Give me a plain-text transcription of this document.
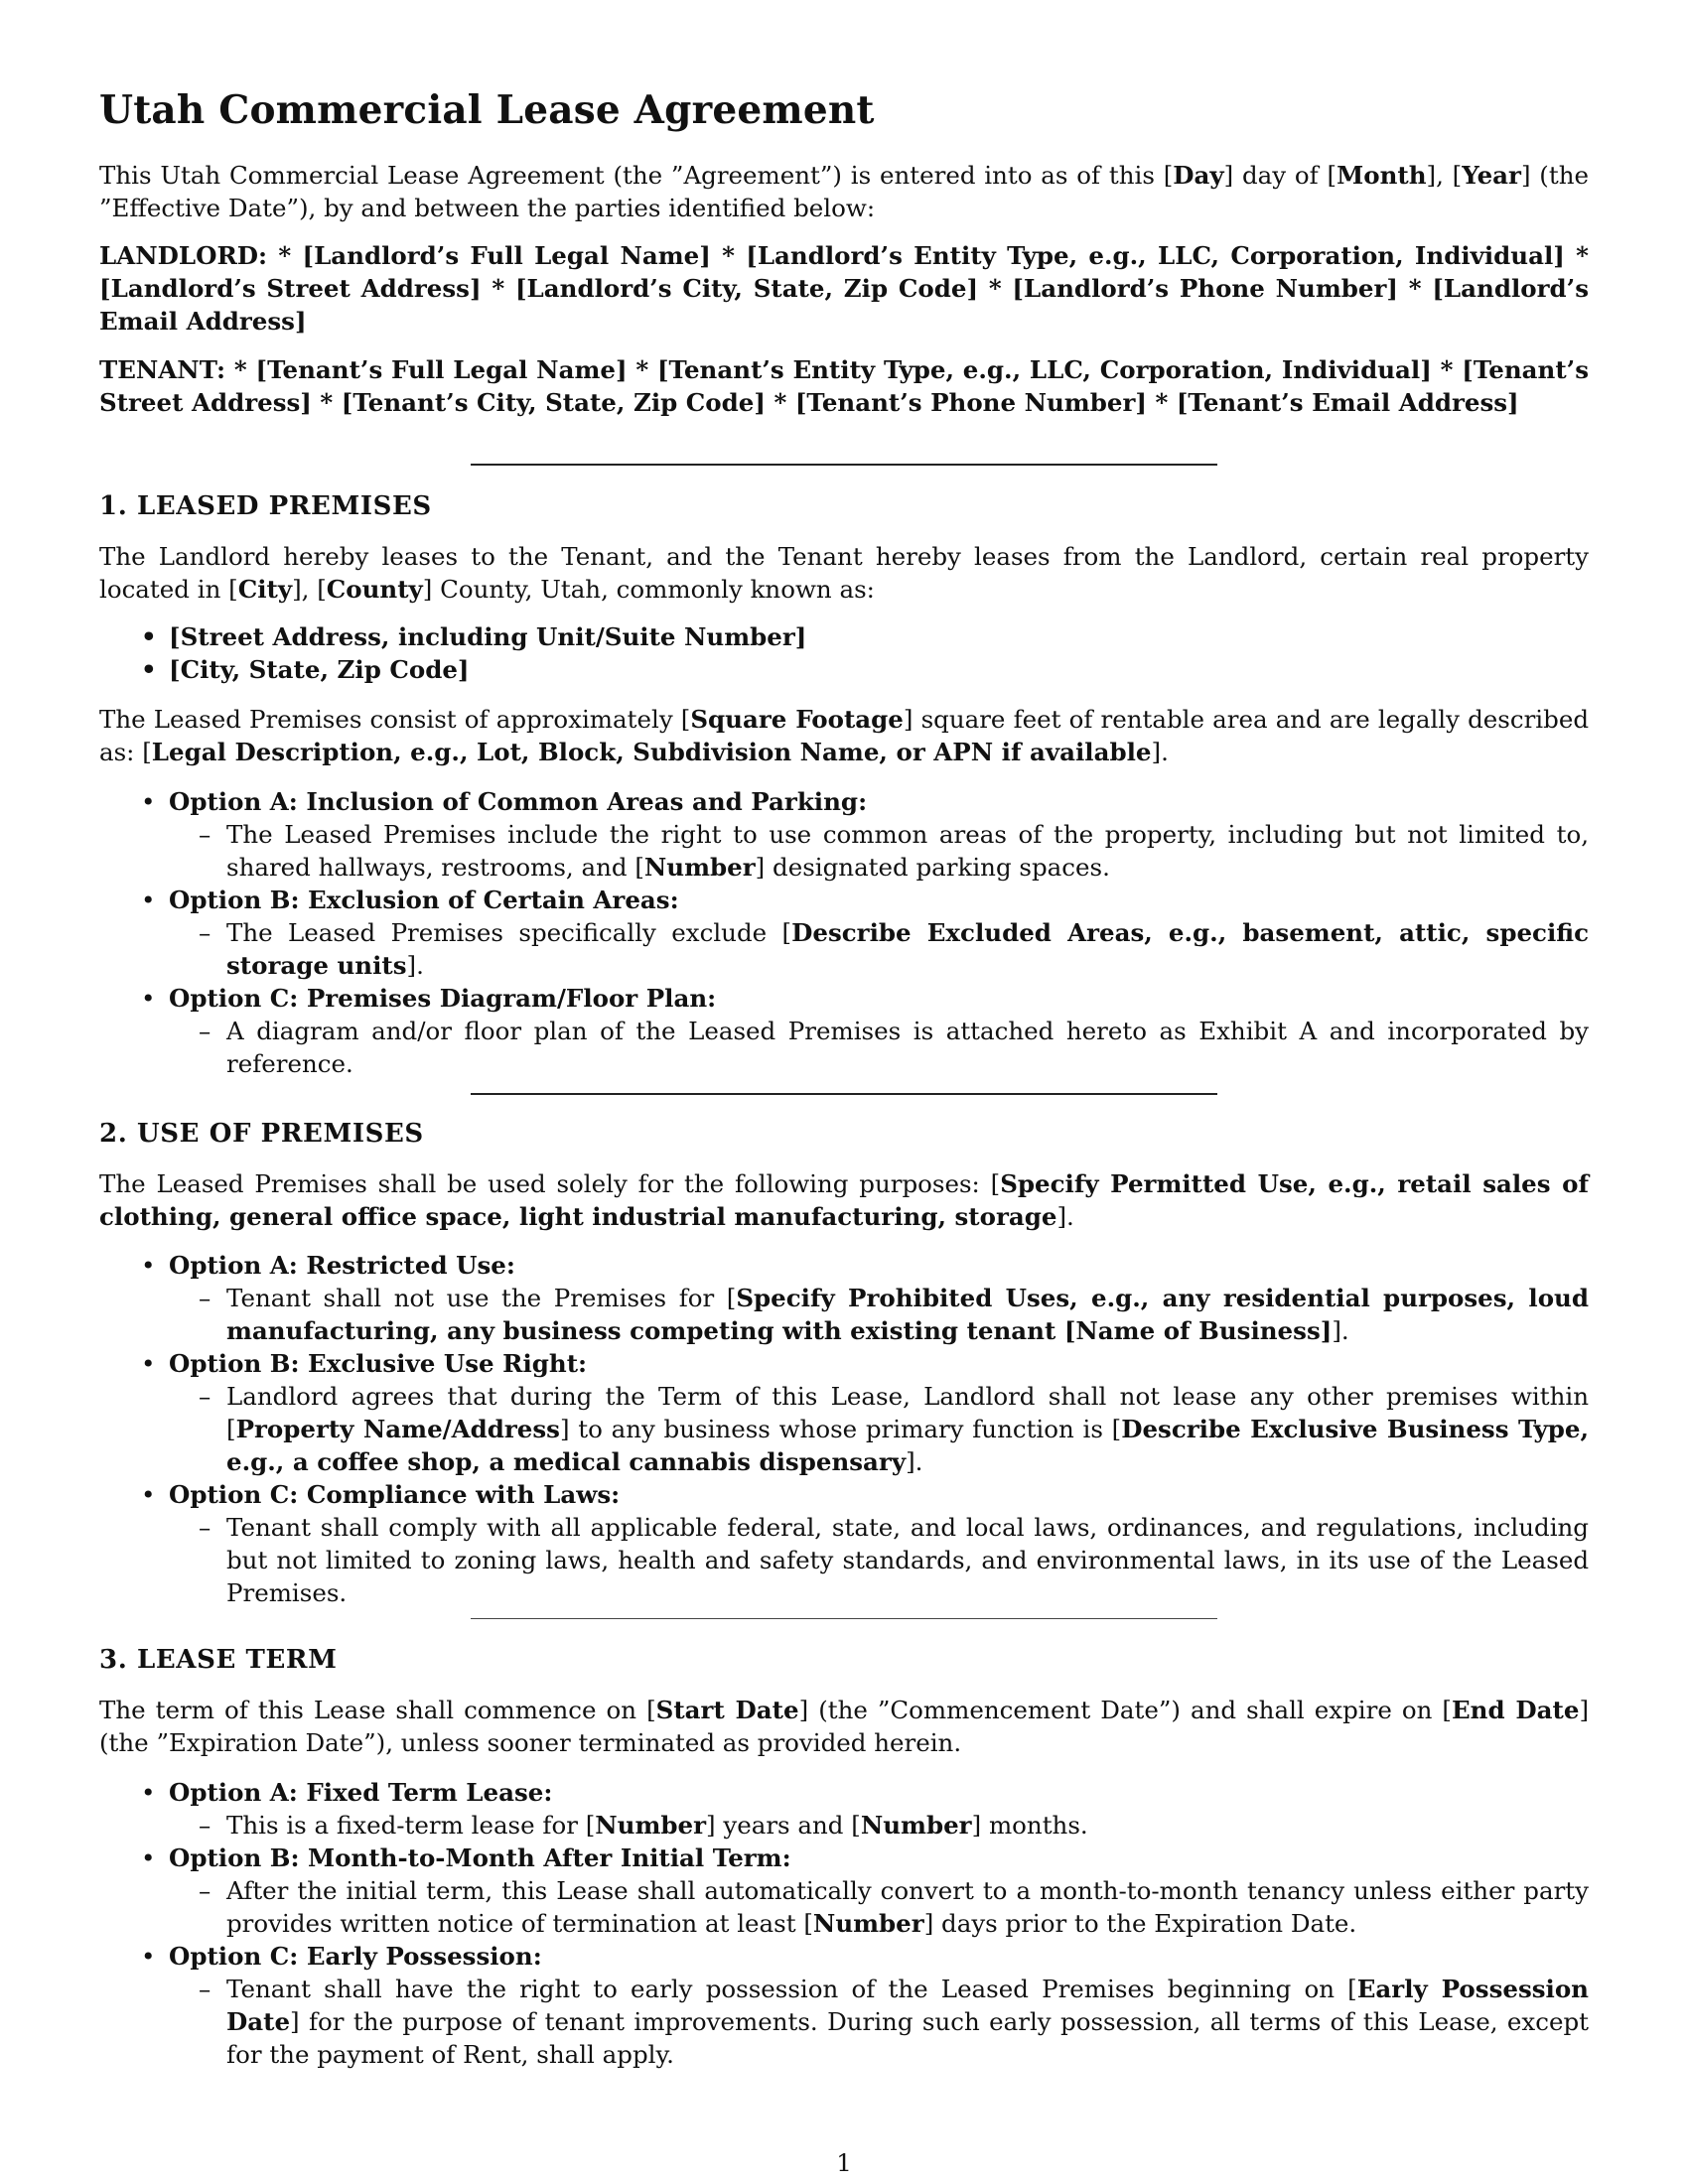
Utah Commercial Lease Agreement

This Utah Commercial Lease Agreement (the ”Agreement”) is entered into as of this [Day] day of [Month], [Year] (the ”Effective Date”), by and between the parties identified below:

LANDLORD: * [Landlord’s Full Legal Name] * [Landlord’s Entity Type, e.g., LLC, Corporation, Individual] * [Landlord’s Street Address] * [Landlord’s City, State, Zip Code] * [Landlord’s Phone Number] * [Landlord’s Email Address]

TENANT: * [Tenant’s Full Legal Name] * [Tenant’s Entity Type, e.g., LLC, Corporation, Individual] * [Tenant’s Street Address] * [Tenant’s City, State, Zip Code] * [Tenant’s Phone Number] * [Tenant’s Email Address]

1. LEASED PREMISES

The Landlord hereby leases to the Tenant, and the Tenant hereby leases from the Landlord, certain real property located in [City], [County] County, Utah, commonly known as:

• [Street Address, including Unit/Suite Number]
• [City, State, Zip Code]

The Leased Premises consist of approximately [Square Footage] square feet of rentable area and are legally described as: [Legal Description, e.g., Lot, Block, Subdivision Name, or APN if available].

• Option A: Inclusion of Common Areas and Parking:
– The Leased Premises include the right to use common areas of the property, including but not limited to, shared hallways, restrooms, and [Number] designated parking spaces.
• Option B: Exclusion of Certain Areas:
– The Leased Premises specifically exclude [Describe Excluded Areas, e.g., basement, attic, specific storage units].
• Option C: Premises Diagram/Floor Plan:
– A diagram and/or floor plan of the Leased Premises is attached hereto as Exhibit A and incorporated by reference.
2. USE OF PREMISES

The Leased Premises shall be used solely for the following purposes: [Specify Permitted Use, e.g., retail sales of clothing, general office space, light industrial manufacturing, storage].

• Option A: Restricted Use:
– Tenant shall not use the Premises for [Specify Prohibited Uses, e.g., any residential purposes, loud manufacturing, any business competing with existing tenant [Name of Business]].
• Option B: Exclusive Use Right:
– Landlord agrees that during the Term of this Lease, Landlord shall not lease any other premises within [Property Name/Address] to any business whose primary function is [Describe Exclusive Business Type, e.g., a coffee shop, a medical cannabis dispensary].
• Option C: Compliance with Laws:
– Tenant shall comply with all applicable federal, state, and local laws, ordinances, and regulations, including but not limited to zoning laws, health and safety standards, and environmental laws, in its use of the Leased Premises.
3. LEASE TERM

The term of this Lease shall commence on [Start Date] (the ”Commencement Date”) and shall expire on [End Date] (the ”Expiration Date”), unless sooner terminated as provided herein.

• Option A: Fixed Term Lease:
– This is a fixed-term lease for [Number] years and [Number] months.
• Option B: Month-to-Month After Initial Term:
– After the initial term, this Lease shall automatically convert to a month-to-month tenancy unless either party provides written notice of termination at least [Number] days prior to the Expiration Date.
• Option C: Early Possession:
– Tenant shall have the right to early possession of the Leased Premises beginning on [Early Possession Date] for the purpose of tenant improvements. During such early possession, all terms of this Lease, except for the payment of Rent, shall apply.
1
